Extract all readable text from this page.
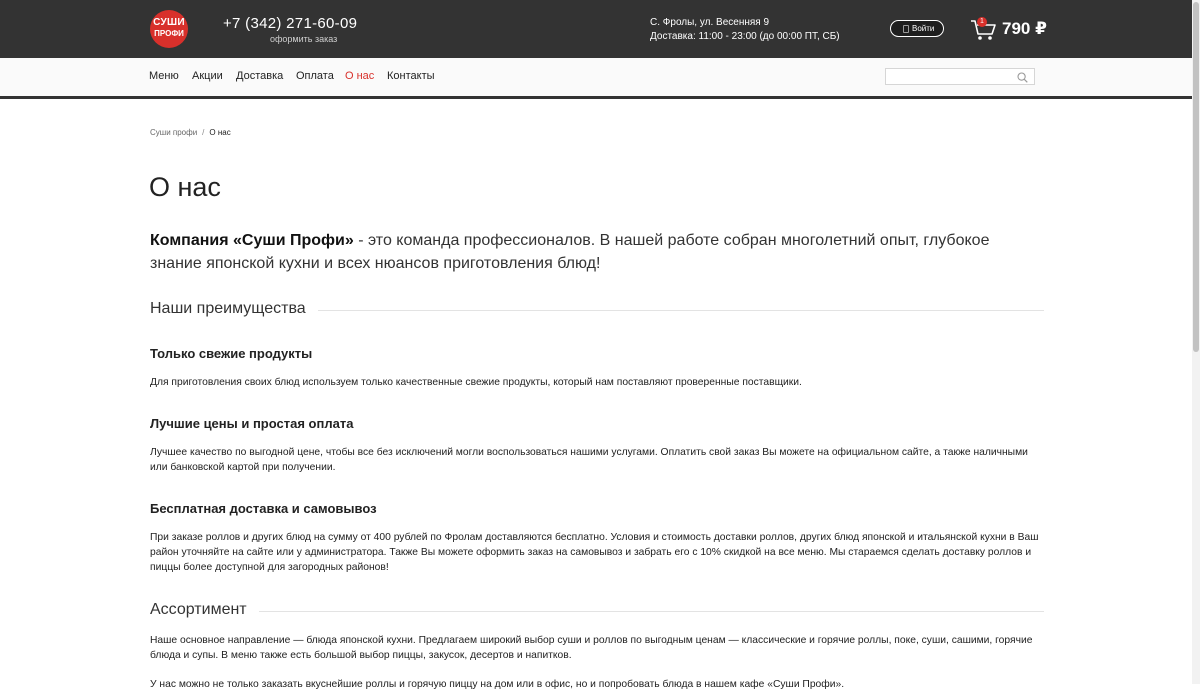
СУШИ
ПРОФИ
+7 (342) 271-60-09
оформить заказ
С. Фролы, ул. Весенняя 9
Доставка: 11:00 - 23:00 (до 00:00 ПТ, СБ)
Войти
1 790 ₽
Меню Акции Доставка Оплата О нас Контакты
Суши профи / О нас
О нас

Компания «Суши Профи» - это команда профессионалов. В нашей работе собран многолетний опыт, глубокое знание японской кухни и всех нюансов приготовления блюд!

Наши преимущества
Только свежие продукты

Для приготовления своих блюд используем только качественные свежие продукты, который нам поставляют проверенные поставщики.

Лучшие цены и простая оплата

Лучшее качество по выгодной цене, чтобы все без исключений могли воспользоваться нашими услугами. Оплатить свой заказ Вы можете на официальном сайте, а также наличными или банковской картой при получении.

Бесплатная доставка и самовывоз

При заказе роллов и других блюд на сумму от 400 рублей по Фролам доставляются бесплатно. Условия и стоимость доставки роллов, других блюд японской и итальянской кухни в Ваш район уточняйте на сайте или у администратора. Также Вы можете оформить заказ на самовывоз и забрать его с 10% скидкой на все меню. Мы стараемся сделать доставку роллов и пиццы более доступной для загородных районов!

Ассортимент

Наше основное направление — блюда японской кухни. Предлагаем широкий выбор суши и роллов по выгодным ценам — классические и горячие роллы, поке, суши, сашими, горячие блюда и супы. В меню также есть большой выбор пиццы, закусок, десертов и напитков.

У нас можно не только заказать вкуснейшие роллы и горячую пиццу на дом или в офис, но и попробовать блюда в нашем кафе «Суши Профи».
